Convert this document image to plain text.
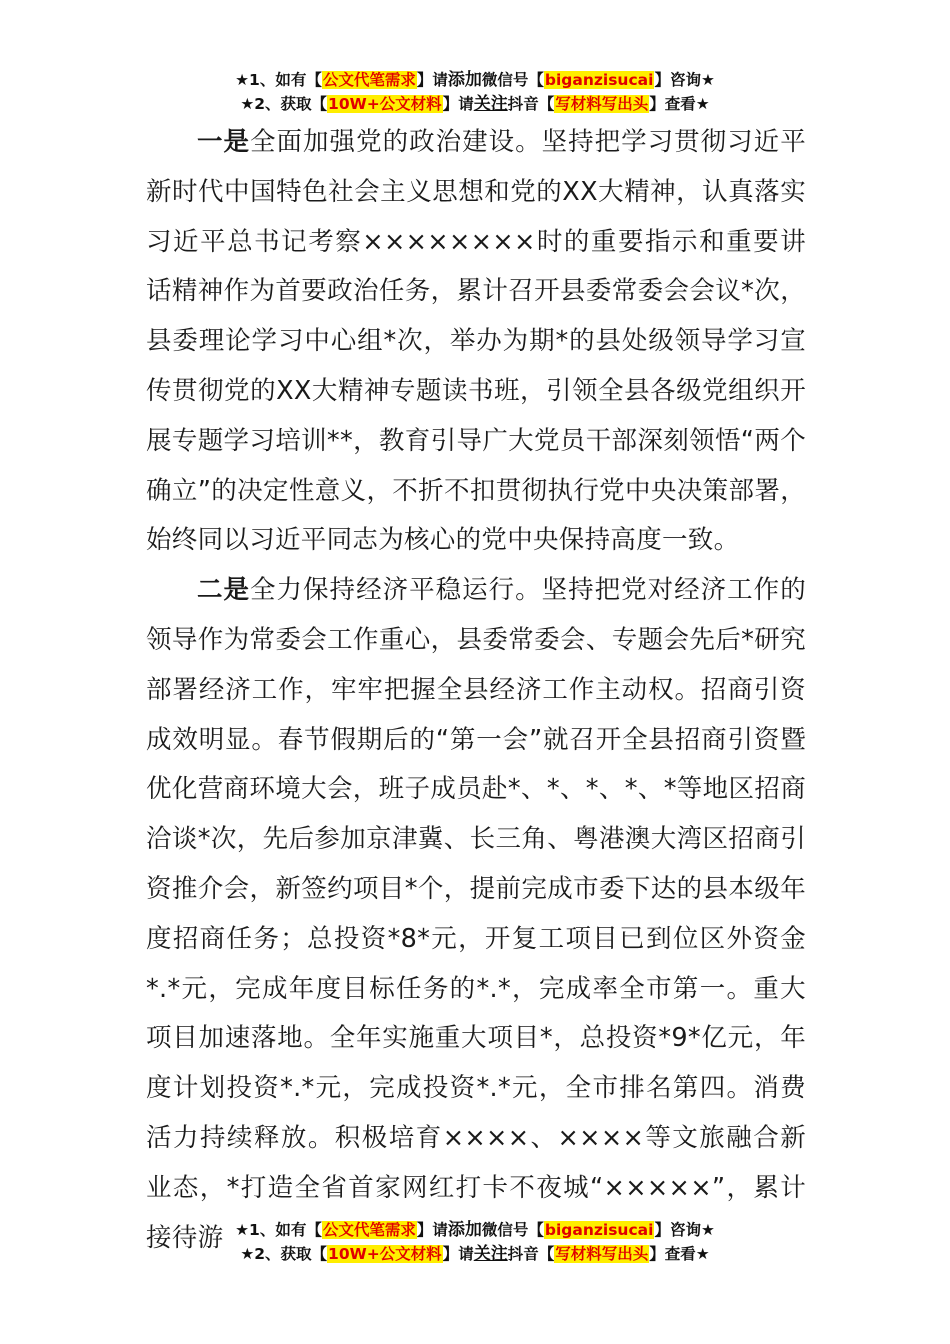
★1、如有【公文代笔需求】请添加微信号【biganzisucai】咨询★
★2、获取【10W+公文材料】请关注抖音【写材料写出头】查看★

一是全面加强党的政治建设。坚持把学习贯彻习近平新时代中国特色社会主义思想和党的XX大精神，认真落实习近平总书记考察××××××××时的重要指示和重要讲话精神作为首要政治任务，累计召开县委常委会会议*次，县委理论学习中心组*次，举办为期*的县处级领导学习宣传贯彻党的XX大精神专题读书班，引领全县各级党组织开展专题学习培训**，教育引导广大党员干部深刻领悟“两个确立”的决定性意义，不折不扣贯彻执行党中央决策部署，始终同以习近平同志为核心的党中央保持高度一致。

二是全力保持经济平稳运行。坚持把党对经济工作的领导作为常委会工作重心，县委常委会、专题会先后*研究部署经济工作，牢牢把握全县经济工作主动权。招商引资成效明显。春节假期后的“第一会”就召开全县招商引资暨优化营商环境大会，班子成员赴*、*、*、*、*等地区招商洽谈*次，先后参加京津冀、长三角、粤港澳大湾区招商引资推介会，新签约项目*个，提前完成市委下达的县本级年度招商任务；总投资*8*元，开复工项目已到位区外资金*.*元，完成年度目标任务的*.*，完成率全市第一。重大项目加速落地。全年实施重大项目*，总投资*9*亿元，年度计划投资*.*元，完成投资*.*元，全市排名第四。消费活力持续释放。积极培育××××、××××等文旅融合新业态，*打造全省首家网红打卡不夜城“×××××”，累计接待游 ★1、如有【公文代笔需求】请添加微信号【biganzisucai】咨询★
★2、获取【10W+公文材料】请关注抖音【写材料写出头】查看★
